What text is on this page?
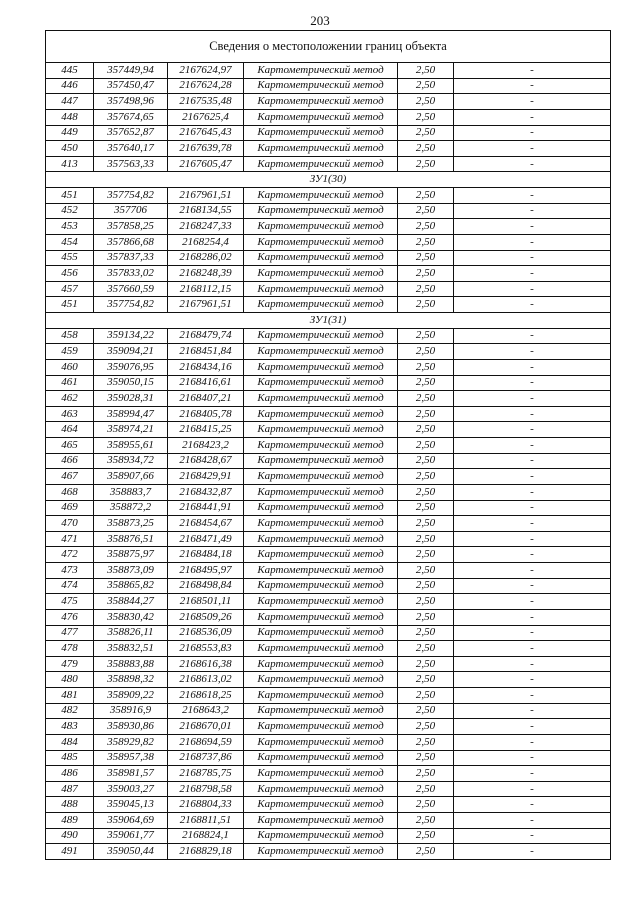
203
Сведения о местоположении границ объекта					
445	357449,94	2167624,97	Картометрический метод	2,50	-
446	357450,47	2167624,28	Картометрический метод	2,50	-
447	357498,96	2167535,48	Картометрический метод	2,50	-
448	357674,65	2167625,4	Картометрический метод	2,50	-
449	357652,87	2167645,43	Картометрический метод	2,50	-
450	357640,17	2167639,78	Картометрический метод	2,50	-
413	357563,33	2167605,47	Картометрический метод	2,50	-
ЗУ1(30)					
451	357754,82	2167961,51	Картометрический метод	2,50	-
452	357706	2168134,55	Картометрический метод	2,50	-
453	357858,25	2168247,33	Картометрический метод	2,50	-
454	357866,68	2168254,4	Картометрический метод	2,50	-
455	357837,33	2168286,02	Картометрический метод	2,50	-
456	357833,02	2168248,39	Картометрический метод	2,50	-
457	357660,59	2168112,15	Картометрический метод	2,50	-
451	357754,82	2167961,51	Картометрический метод	2,50	-
ЗУ1(31)					
458	359134,22	2168479,74	Картометрический метод	2,50	-
459	359094,21	2168451,84	Картометрический метод	2,50	-
460	359076,95	2168434,16	Картометрический метод	2,50	-
461	359050,15	2168416,61	Картометрический метод	2,50	-
462	359028,31	2168407,21	Картометрический метод	2,50	-
463	358994,47	2168405,78	Картометрический метод	2,50	-
464	358974,21	2168415,25	Картометрический метод	2,50	-
465	358955,61	2168423,2	Картометрический метод	2,50	-
466	358934,72	2168428,67	Картометрический метод	2,50	-
467	358907,66	2168429,91	Картометрический метод	2,50	-
468	358883,7	2168432,87	Картометрический метод	2,50	-
469	358872,2	2168441,91	Картометрический метод	2,50	-
470	358873,25	2168454,67	Картометрический метод	2,50	-
471	358876,51	2168471,49	Картометрический метод	2,50	-
472	358875,97	2168484,18	Картометрический метод	2,50	-
473	358873,09	2168495,97	Картометрический метод	2,50	-
474	358865,82	2168498,84	Картометрический метод	2,50	-
475	358844,27	2168501,11	Картометрический метод	2,50	-
476	358830,42	2168509,26	Картометрический метод	2,50	-
477	358826,11	2168536,09	Картометрический метод	2,50	-
478	358832,51	2168553,83	Картометрический метод	2,50	-
479	358883,88	2168616,38	Картометрический метод	2,50	-
480	358898,32	2168613,02	Картометрический метод	2,50	-
481	358909,22	2168618,25	Картометрический метод	2,50	-
482	358916,9	2168643,2	Картометрический метод	2,50	-
483	358930,86	2168670,01	Картометрический метод	2,50	-
484	358929,82	2168694,59	Картометрический метод	2,50	-
485	358957,38	2168737,86	Картометрический метод	2,50	-
486	358981,57	2168785,75	Картометрический метод	2,50	-
487	359003,27	2168798,58	Картометрический метод	2,50	-
488	359045,13	2168804,33	Картометрический метод	2,50	-
489	359064,69	2168811,51	Картометрический метод	2,50	-
490	359061,77	2168824,1	Картометрический метод	2,50	-
491	359050,44	2168829,18	Картометрический метод	2,50	-
